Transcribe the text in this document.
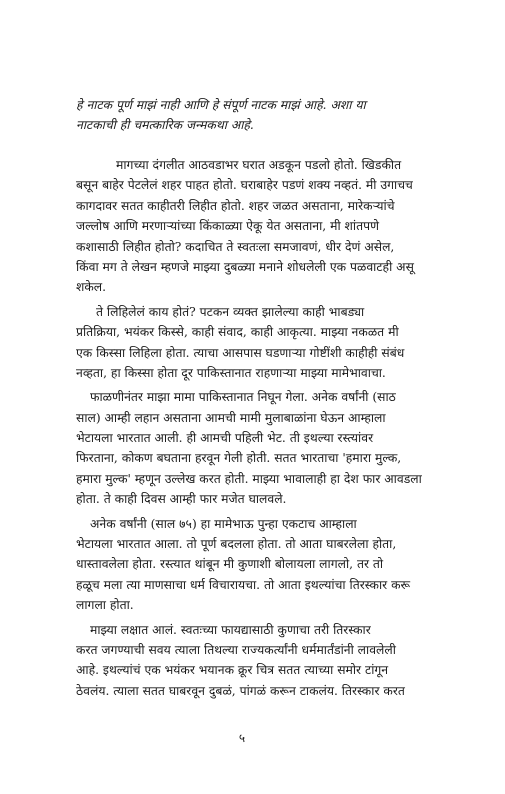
हे नाटक पूर्ण माझं नाही आणि हे संपूर्ण नाटक माझं आहे. अशा या
नाटकाची ही चमत्कारिक जन्मकथा आहे.
मागच्या दंगलीत आठवडाभर घरात अडकून पडलो होतो. खिडकीत
बसून बाहेर पेटलेलं शहर पाहत होतो. घराबाहेर पडणं शक्य नव्हतं. मी उगाचच
कागदावर सतत काहीतरी लिहीत होतो. शहर जळत असताना, मारेकऱ्यांचे
जल्लोष आणि मरणाऱ्यांच्या किंकाळ्या ऐकू येत असताना, मी शांतपणे
कशासाठी लिहीत होतो? कदाचित ते स्वतःला समजावणं, धीर देणं असेल,
किंवा मग ते लेखन म्हणजे माझ्या दुबळ्या मनाने शोधलेली एक पळवाटही असू
शकेल.
ते लिहिलेलं काय होतं? पटकन व्यक्त झालेल्या काही भाबड्या
प्रतिक्रिया, भयंकर किस्से, काही संवाद, काही आकृत्या. माझ्या नकळत मी
एक किस्सा लिहिला होता. त्याचा आसपास घडणाऱ्या गोष्टींशी काहीही संबंध
नव्हता, हा किस्सा होता दूर पाकिस्तानात राहणाऱ्या माझ्या मामेभावाचा.
फाळणीनंतर माझा मामा पाकिस्तानात निघून गेला. अनेक वर्षांनी (साठ
साल) आम्ही लहान असताना आमची मामी मुलाबाळांना घेऊन आम्हाला
भेटायला भारतात आली. ही आमची पहिली भेट. ती इथल्या रस्त्यांवर
फिरताना, कोकण बघताना हरवून गेली होती. सतत भारताचा 'हमारा मुल्क,
हमारा मुल्क' म्हणून उल्लेख करत होती. माझ्या भावालाही हा देश फार आवडला
होता. ते काही दिवस आम्ही फार मजेत घालवले.
अनेक वर्षांनी (साल ७५) हा मामेभाऊ पुन्हा एकटाच आम्हाला
भेटायला भारतात आला. तो पूर्ण बदलला होता. तो आता घाबरलेला होता,
धास्तावलेला होता. रस्त्यात थांबून मी कुणाशी बोलायला लागलो, तर तो
हळूच मला त्या माणसाचा धर्म विचारायचा. तो आता इथल्यांचा तिरस्कार करू
लागला होता.
माझ्या लक्षात आलं. स्वतःच्या फायद्यासाठी कुणाचा तरी तिरस्कार
करत जगण्याची सवय त्याला तिथल्या राज्यकर्त्यांनी धर्ममार्तंडांनी लावलेली
आहे. इथल्यांचं एक भयंकर भयानक क्रूर चित्र सतत त्याच्या समोर टांगून
ठेवलंय. त्याला सतत घाबरवून दुबळं, पांगळं करून टाकलंय. तिरस्कार करत
५
